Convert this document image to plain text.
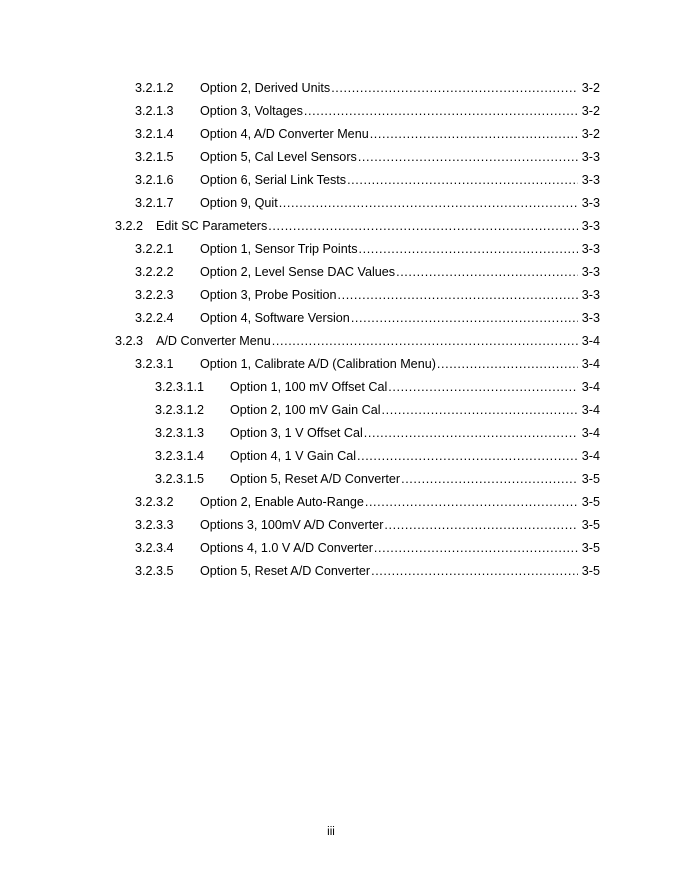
3.2.1.2 Option 2, Derived Units .....	3-2
3.2.1.3 Option 3, Voltages .....	3-2
3.2.1.4 Option 4, A/D Converter Menu .....	3-2
3.2.1.5 Option 5, Cal Level Sensors .....	3-3
3.2.1.6 Option 6, Serial Link Tests .....	3-3
3.2.1.7 Option 9, Quit .....	3-3
3.2.2 Edit SC Parameters .....	3-3
3.2.2.1 Option 1, Sensor Trip Points .....	3-3
3.2.2.2 Option 2, Level Sense DAC Values .....	3-3
3.2.2.3 Option 3, Probe Position .....	3-3
3.2.2.4 Option 4, Software Version .....	3-3
3.2.3 A/D Converter Menu .....	3-4
3.2.3.1 Option 1, Calibrate A/D (Calibration Menu) .....	3-4
3.2.3.1.1 Option 1, 100 mV Offset Cal .....	3-4
3.2.3.1.2 Option 2, 100 mV Gain Cal .....	3-4
3.2.3.1.3 Option 3, 1 V Offset Cal .....	3-4
3.2.3.1.4 Option 4, 1 V Gain Cal .....	3-4
3.2.3.1.5 Option 5, Reset A/D Converter .....	3-5
3.2.3.2 Option 2, Enable Auto-Range .....	3-5
3.2.3.3 Options 3, 100mV A/D Converter .....	3-5
3.2.3.4 Options 4, 1.0 V A/D Converter .....	3-5
3.2.3.5 Option 5, Reset A/D Converter .....	3-5
iii
